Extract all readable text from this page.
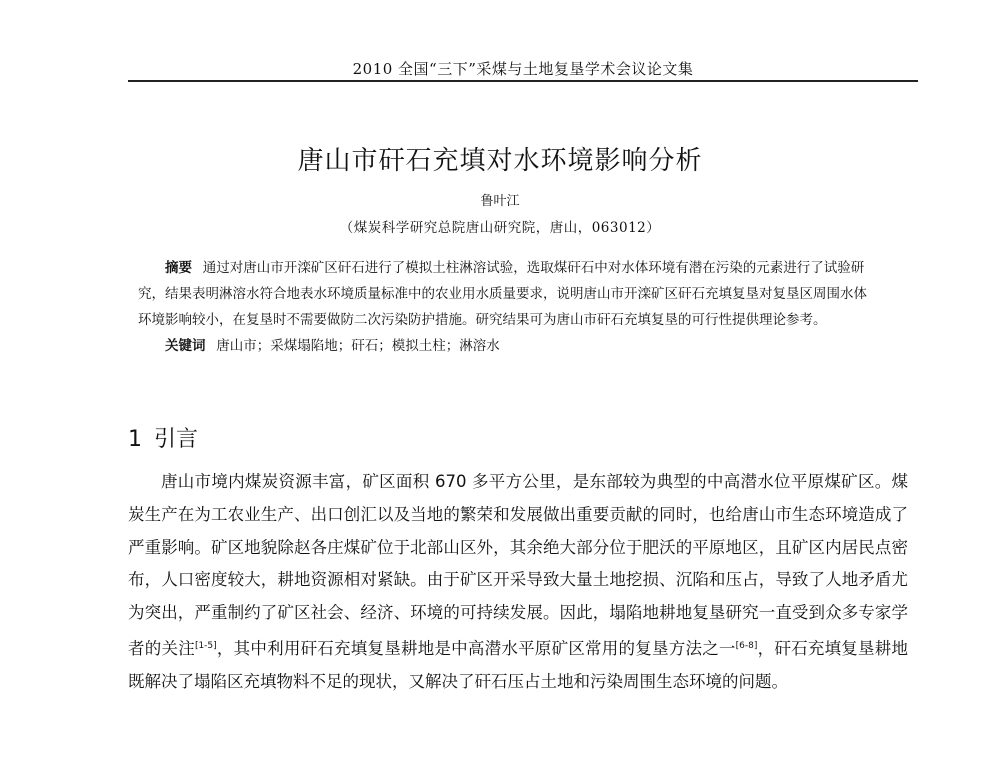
2010 全国“三下”采煤与土地复垦学术会议论文集
唐山市矸石充填对水环境影响分析
鲁叶江
（煤炭科学研究总院唐山研究院，唐山，063012）

摘要 通过对唐山市开滦矿区矸石进行了模拟土柱淋溶试验，选取煤矸石中对水体环境有潜在污染的元素进行了试验研究，结果表明淋溶水符合地表水环境质量标准中的农业用水质量要求，说明唐山市开滦矿区矸石充填复垦对复垦区周围水体环境影响较小，在复垦时不需要做防二次污染防护措施。研究结果可为唐山市矸石充填复垦的可行性提供理论参考。

关键词 唐山市；采煤塌陷地；矸石；模拟土柱；淋溶水

1 引言

唐山市境内煤炭资源丰富，矿区面积 670 多平方公里，是东部较为典型的中高潜水位平原煤矿区。煤炭生产在为工农业生产、出口创汇以及当地的繁荣和发展做出重要贡献的同时，也给唐山市生态环境造成了严重影响。矿区地貌除赵各庄煤矿位于北部山区外，其余绝大部分位于肥沃的平原地区，且矿区内居民点密布，人口密度较大，耕地资源相对紧缺。由于矿区开采导致大量土地挖损、沉陷和压占，导致了人地矛盾尤为突出，严重制约了矿区社会、经济、环境的可持续发展。因此，塌陷地耕地复垦研究一直受到众多专家学者的关注[1-5]，其中利用矸石充填复垦耕地是中高潜水平原矿区常用的复垦方法之一[6-8]，矸石充填复垦耕地既解决了塌陷区充填物料不足的现状，又解决了矸石压占土地和污染周围生态环境的问题。
